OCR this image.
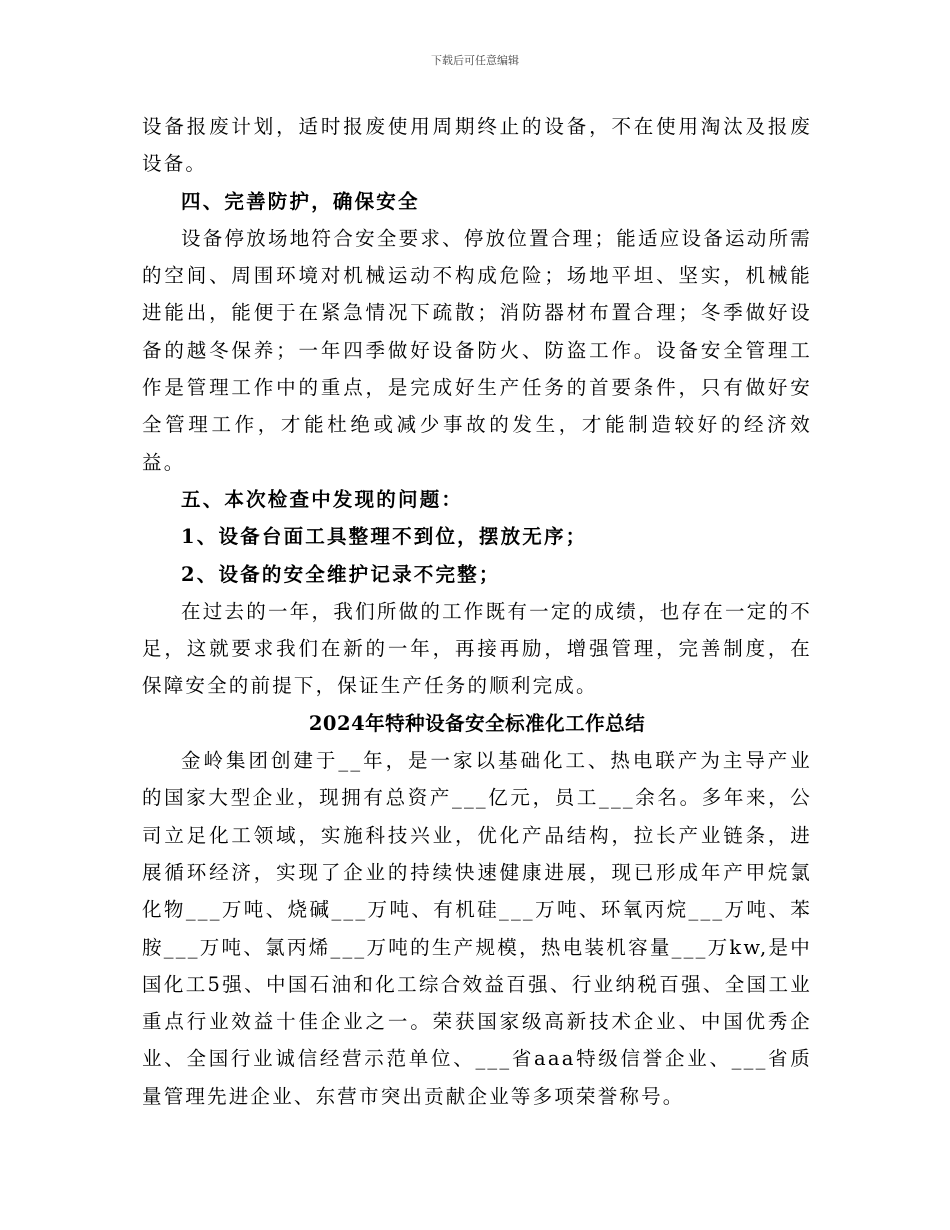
下载后可任意编辑

设备报废计划，适时报废使用周期终止的设备，不在使用淘汰及报废设备。

四、完善防护，确保安全

设备停放场地符合安全要求、停放位置合理；能适应设备运动所需的空间、周围环境对机械运动不构成危险；场地平坦、坚实，机械能进能出，能便于在紧急情况下疏散；消防器材布置合理；冬季做好设备的越冬保养；一年四季做好设备防火、防盗工作。设备安全管理工作是管理工作中的重点，是完成好生产任务的首要条件，只有做好安全管理工作，才能杜绝或减少事故的发生，才能制造较好的经济效益。

五、本次检查中发现的问题：

1、设备台面工具整理不到位，摆放无序；

2、设备的安全维护记录不完整；

在过去的一年，我们所做的工作既有一定的成绩，也存在一定的不足，这就要求我们在新的一年，再接再励，增强管理，完善制度，在保障安全的前提下，保证生产任务的顺利完成。

2024年特种设备安全标准化工作总结

金岭集团创建于__年，是一家以基础化工、热电联产为主导产业的国家大型企业，现拥有总资产___亿元，员工___余名。多年来，公司立足化工领域，实施科技兴业，优化产品结构，拉长产业链条，进展循环经济，实现了企业的持续快速健康进展，现已形成年产甲烷氯化物___万吨、烧碱___万吨、有机硅___万吨、环氧丙烷___万吨、苯胺___万吨、氯丙烯___万吨的生产规模，热电装机容量___万kw,是中国化工5强、中国石油和化工综合效益百强、行业纳税百强、全国工业重点行业效益十佳企业之一。荣获国家级高新技术企业、中国优秀企业、全国行业诚信经营示范单位、___省aaa特级信誉企业、___省质量管理先进企业、东营市突出贡献企业等多项荣誉称号。
